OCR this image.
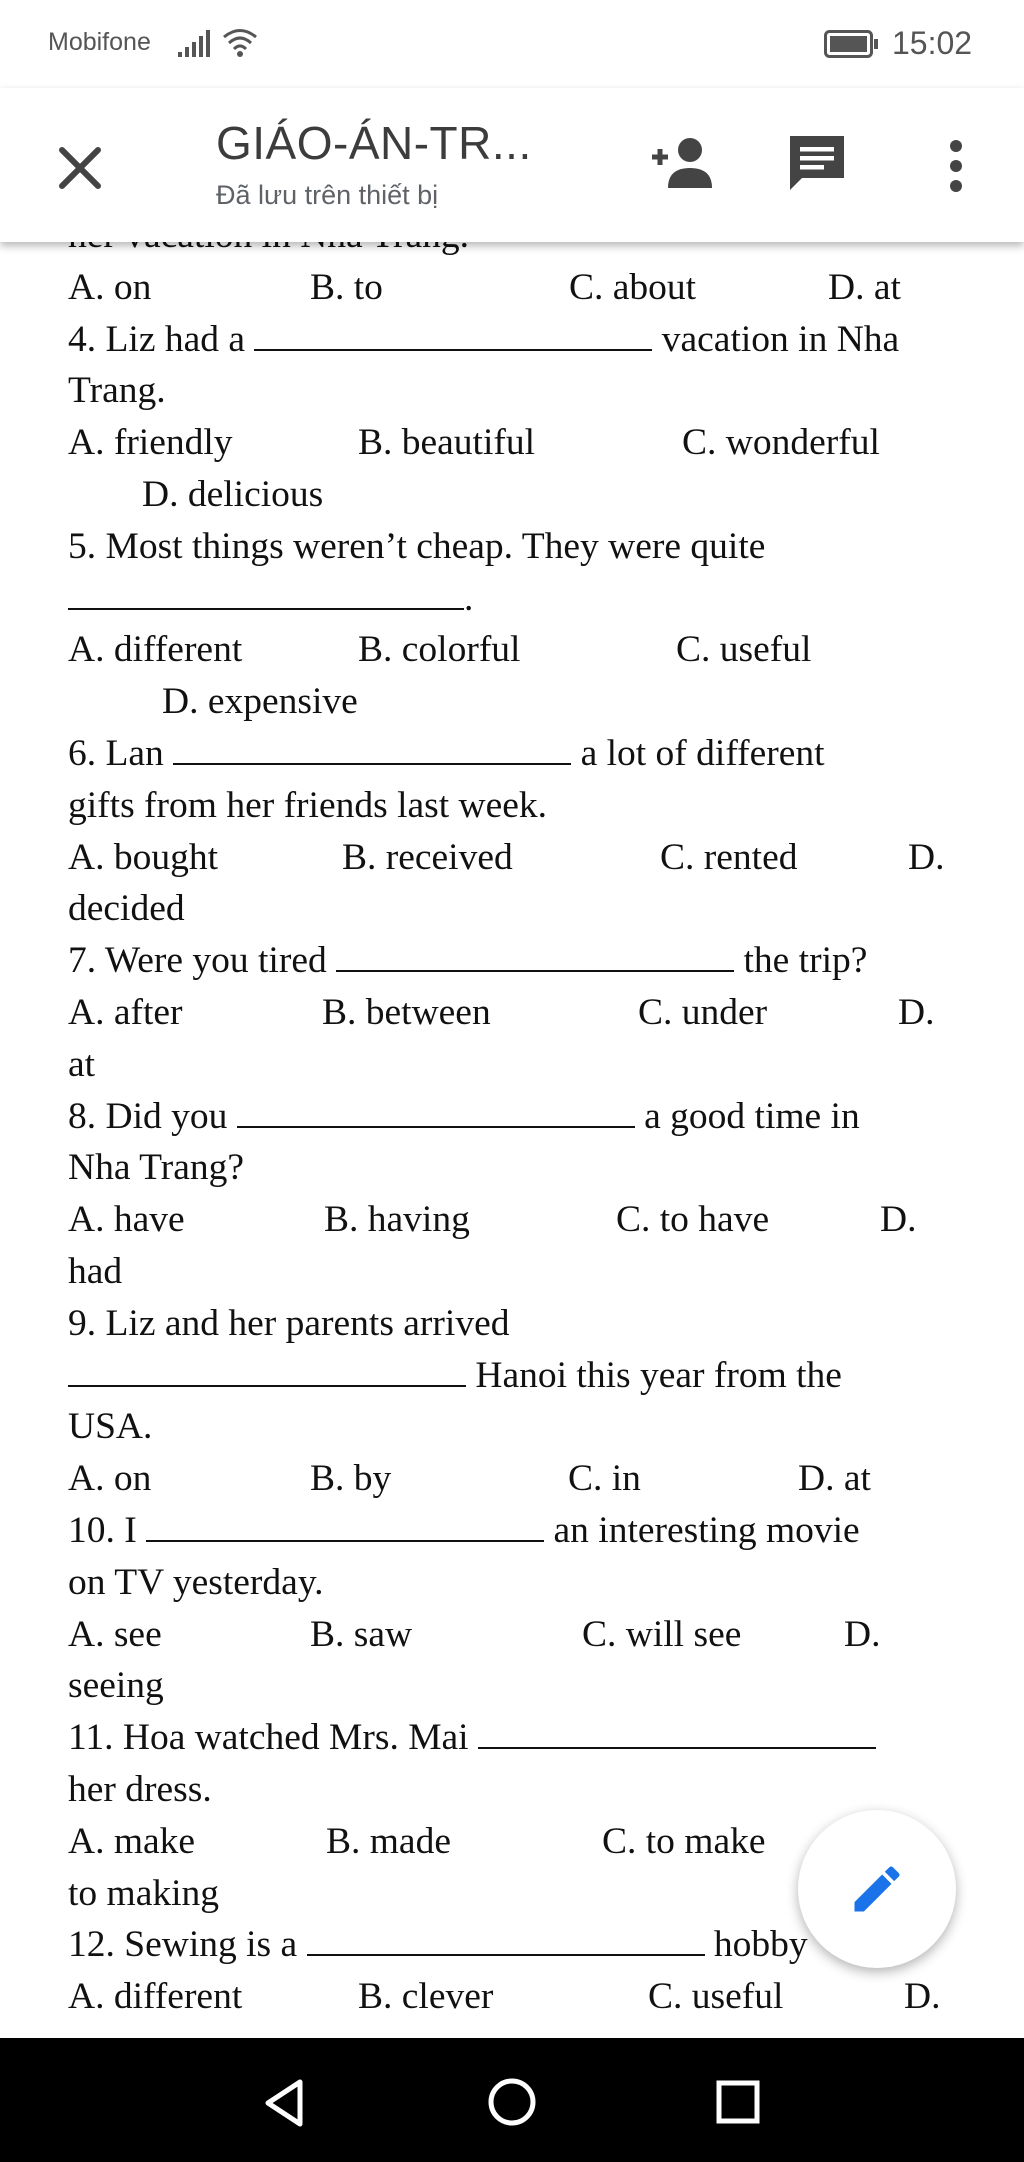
Mobifone	15:02
GIÁO-ÁN-TR...
Đã lưu trên thiết bị
A. on	B. to	C. about	D. at
4. Liz had a	vacation in Nha
Trang.
A. friendly	B. beautiful	C. wonderful
D. delicious
5. Most things weren’t cheap. They were quite
.
A. different	B. colorful	C. useful
D. expensive
6. Lan	a lot of different
gifts from her friends last week.
A. bought	B. received	C. rented	D.
decided
7. Were you tired	the trip?
A. after	B. between	C. under	D.
at
8. Did you	a good time in
Nha Trang?
A. have	B. having	C. to have	D.
had
9. Liz and her parents arrived
Hanoi this year from the
USA.
A. on	B. by	C. in	D. at
10. I	an interesting movie
on TV yesterday.
A. see	B. saw	C. will see	D.
seeing
11. Hoa watched Mrs. Mai
her dress.
A. make	B. made	C. to make
to making
12. Sewing is a	hobby
A. different	B. clever	C. useful	D.
